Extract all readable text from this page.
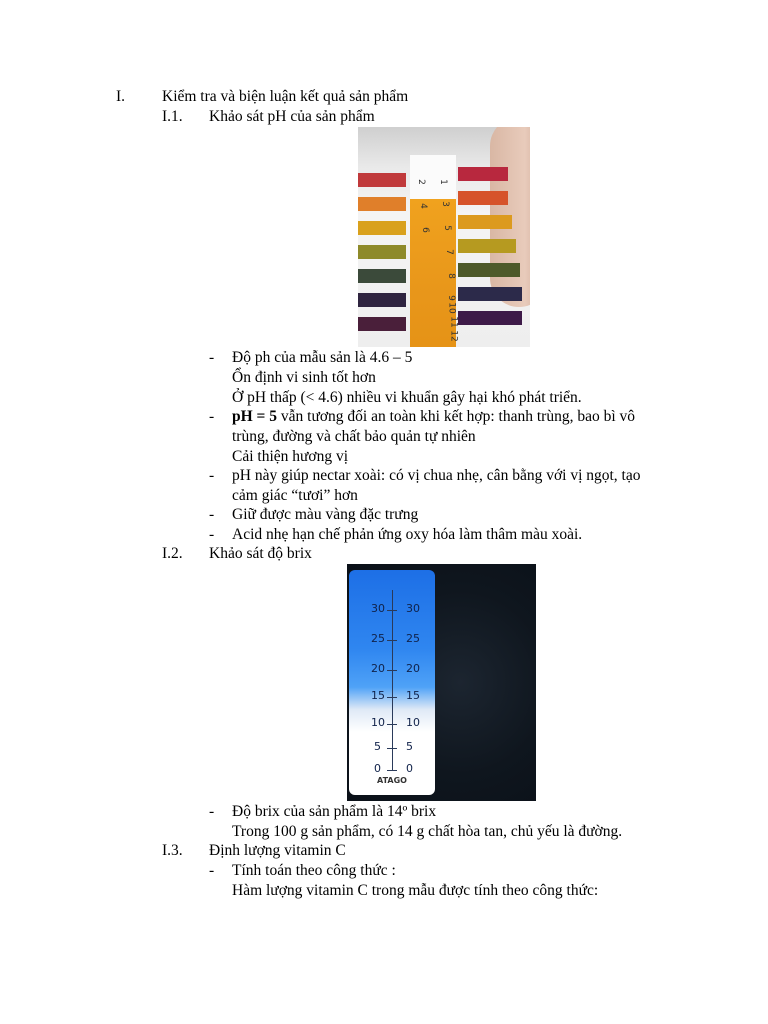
I. Kiểm tra và biện luận kết quả sản phẩm
I.1. Khảo sát pH của sản phẩm
1
2
3
4
5
6
7
8
9
10
11
12
- Độ ph của mẫu sản là 4.6 – 5
Ổn định vi sinh tốt hơn
Ở pH thấp (< 4.6) nhiều vi khuẩn gây hại khó phát triển.
- pH = 5 vẫn tương đối an toàn khi kết hợp: thanh trùng, bao bì vô
trùng, đường và chất bảo quản tự nhiên
Cải thiện hương vị
- pH này giúp nectar xoài: có vị chua nhẹ, cân bằng với vị ngọt, tạo
cảm giác “tươi” hơn
- Giữ được màu vàng đặc trưng
- Acid nhẹ hạn chế phản ứng oxy hóa làm thâm màu xoài.
I.2. Khảo sát độ brix
30 30
25 25
20 20
15 15
10 10
5 5
0 0
ATAGO
- Độ brix của sản phẩm là 14º brix
Trong 100 g sản phẩm, có 14 g chất hòa tan, chủ yếu là đường.
I.3. Định lượng vitamin C
- Tính toán theo công thức :
Hàm lượng vitamin C trong mẫu được tính theo công thức:
